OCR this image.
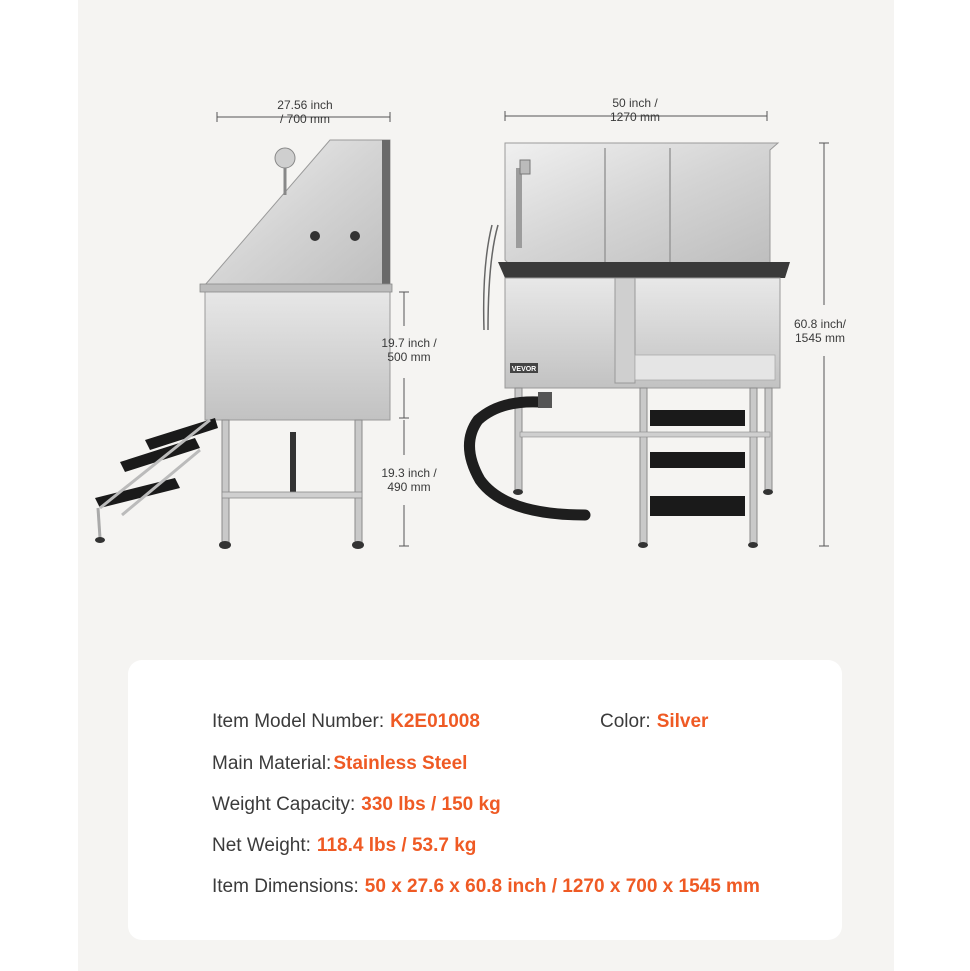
VEVOR
27.56 inch
/ 700 mm
50 inch /
1270 mm
19.7 inch /
500 mm
19.3 inch /
490 mm
60.8 inch/
1545 mm
Item Model Number: K2E01008	Color: Silver
Main Material: Stainless Steel
Weight Capacity: 330 lbs / 150 kg
Net Weight: 118.4 lbs / 53.7 kg
Item Dimensions: 50 x 27.6 x 60.8 inch / 1270 x 700 x 1545 mm
